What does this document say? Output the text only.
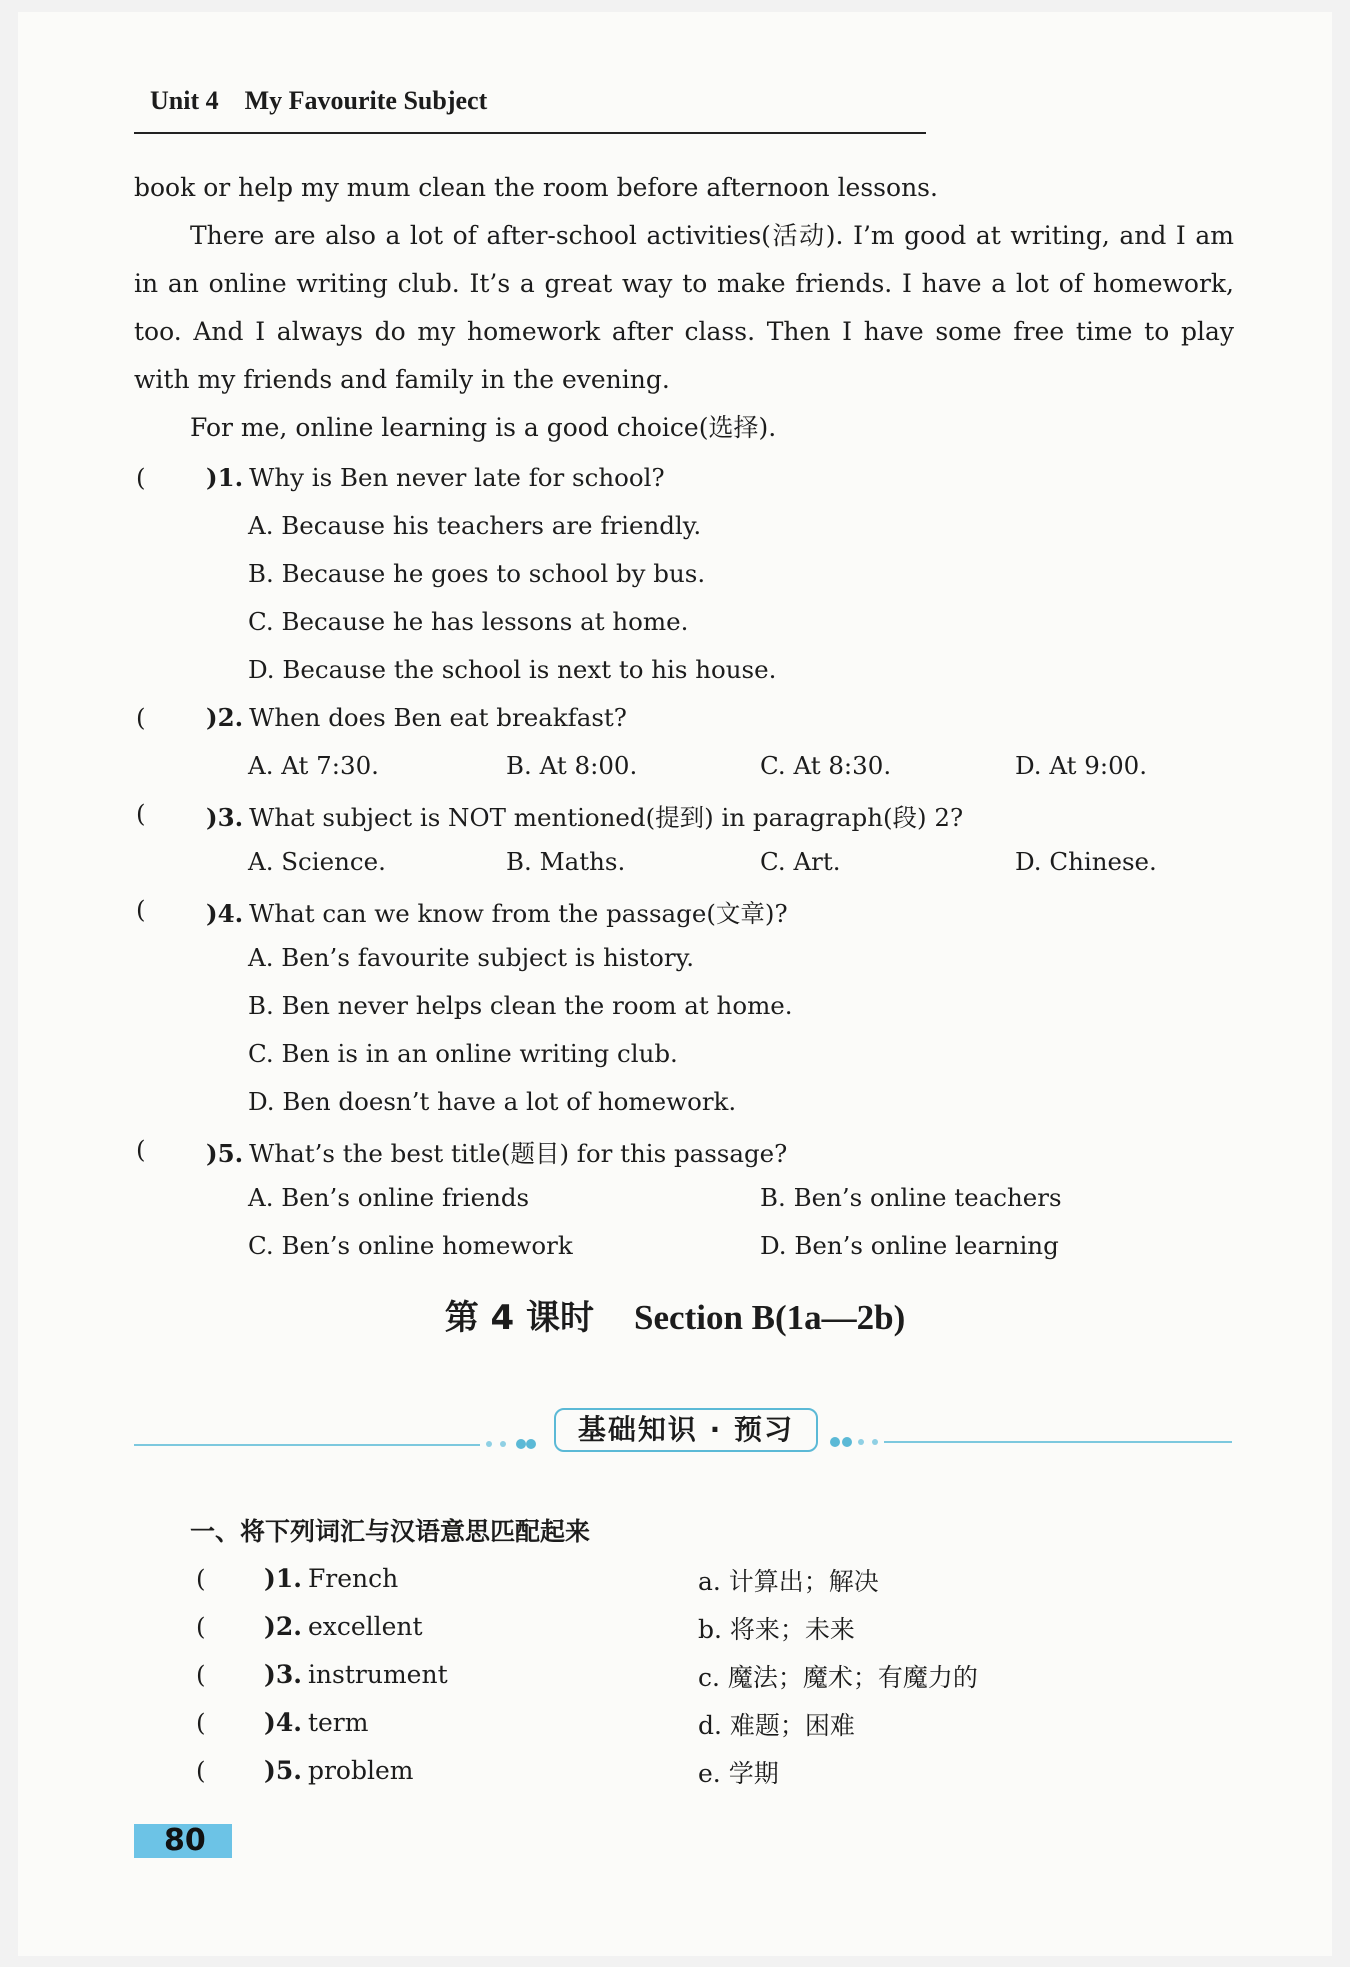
Unit 4 My Favourite Subject

book or help my mum clean the room before afternoon lessons.

There are also a lot of after-school activities(活动). I’m good at writing, and I am in an online writing club. It’s a great way to make friends. I have a lot of homework, too. And I always do my homework after class. Then I have some free time to play with my friends and family in the evening.

For me, online learning is a good choice(选择).

( )1. Why is Ben never late for school?
A. Because his teachers are friendly.
B. Because he goes to school by bus.
C. Because he has lessons at home.
D. Because the school is next to his house.
( )2. When does Ben eat breakfast?
A. At 7:30.	B. At 8:00.	C. At 8:30.	D. At 9:00.
( )3. What subject is NOT mentioned(提到) in paragraph(段) 2?
A. Science.	B. Maths.	C. Art.	D. Chinese.
( )4. What can we know from the passage(文章)?
A. Ben’s favourite subject is history.
B. Ben never helps clean the room at home.
C. Ben is in an online writing club.
D. Ben doesn’t have a lot of homework.
( )5. What’s the best title(题目) for this passage?
A. Ben’s online friends	B. Ben’s online teachers
C. Ben’s online homework	D. Ben’s online learning
第 4 课时 Section B(1a—2b)
基础知识 · 预习
一、将下列词汇与汉语意思匹配起来
( )1. French	a. 计算出；解决
( )2. excellent	b. 将来；未来
( )3. instrument	c. 魔法；魔术；有魔力的
( )4. term	d. 难题；困难
( )5. problem	e. 学期
80
